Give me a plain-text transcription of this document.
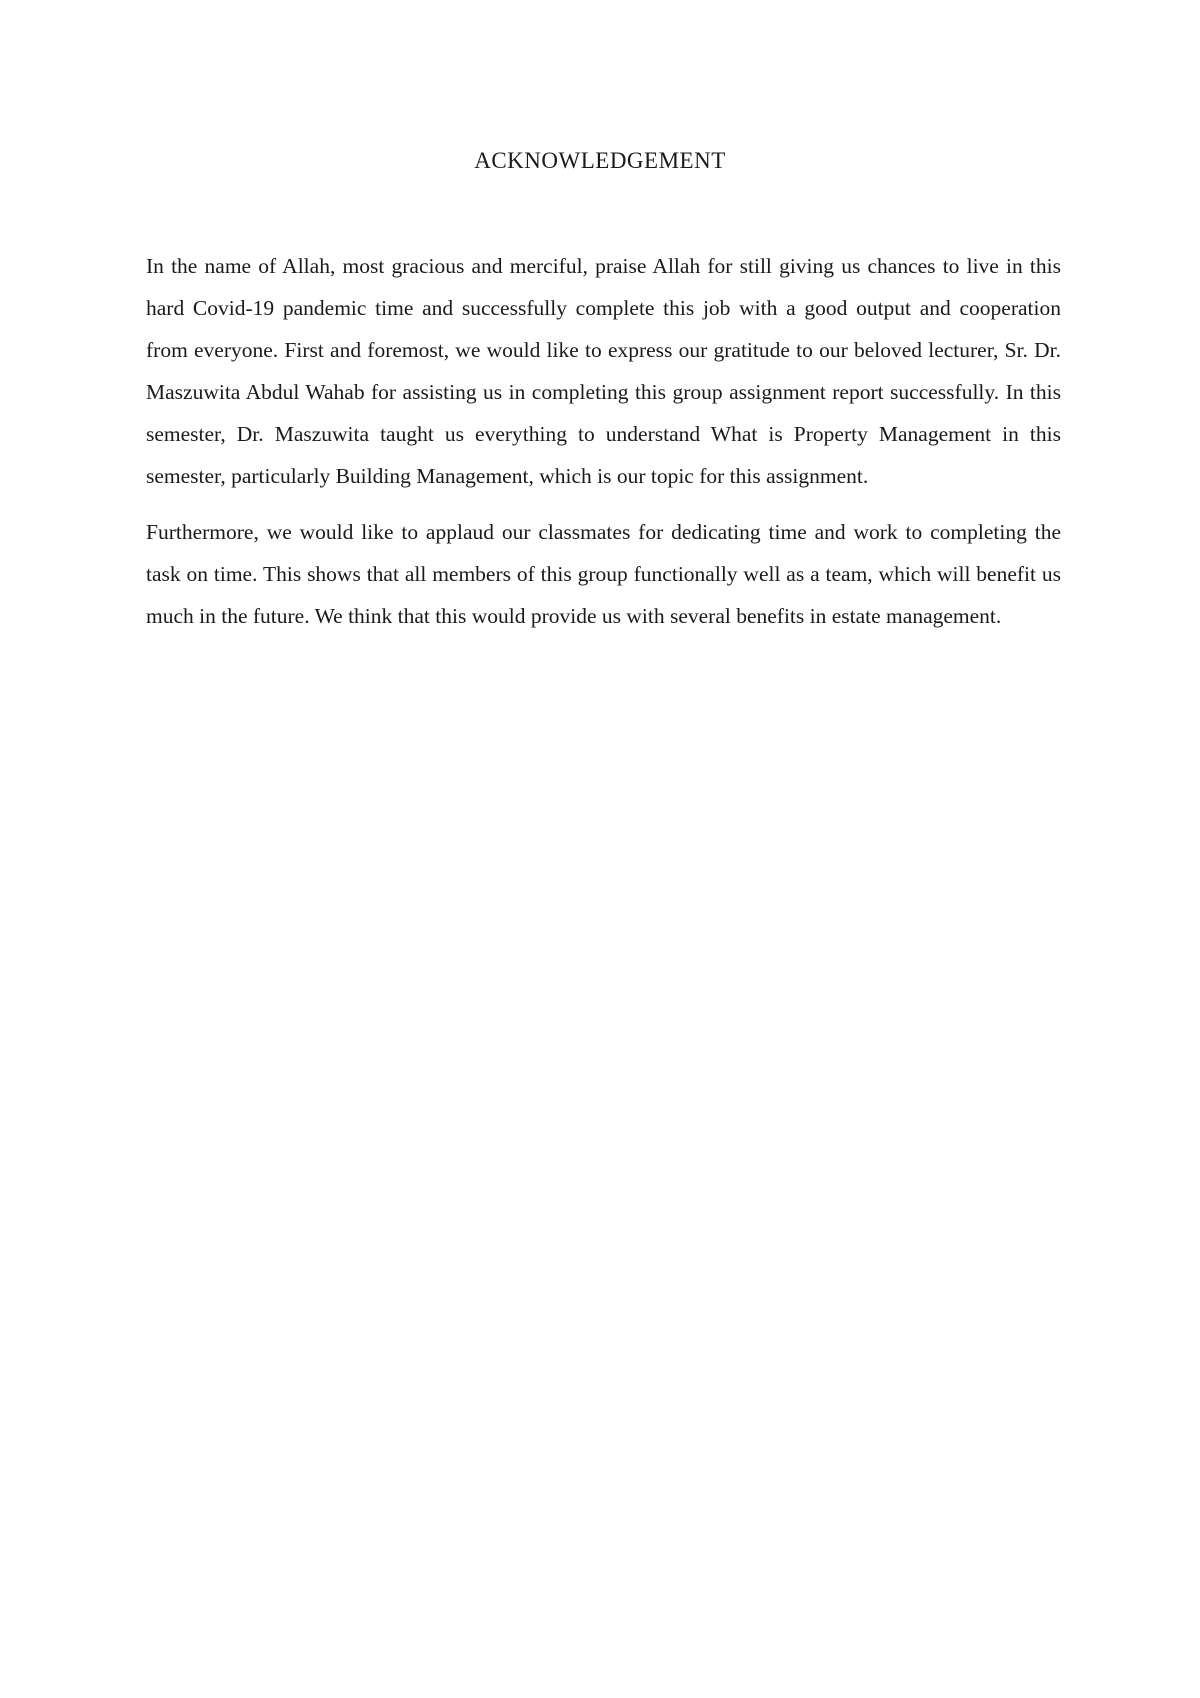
ACKNOWLEDGEMENT

In the name of Allah, most gracious and merciful, praise Allah for still giving us chances to live in this hard Covid-19 pandemic time and successfully complete this job with a good output and cooperation from everyone. First and foremost, we would like to express our gratitude to our beloved lecturer, Sr. Dr. Maszuwita Abdul Wahab for assisting us in completing this group assignment report successfully. In this semester, Dr. Maszuwita taught us everything to understand What is Property Management in this semester, particularly Building Management, which is our topic for this assignment.

Furthermore, we would like to applaud our classmates for dedicating time and work to completing the task on time. This shows that all members of this group functionally well as a team, which will benefit us much in the future. We think that this would provide us with several benefits in estate management.
